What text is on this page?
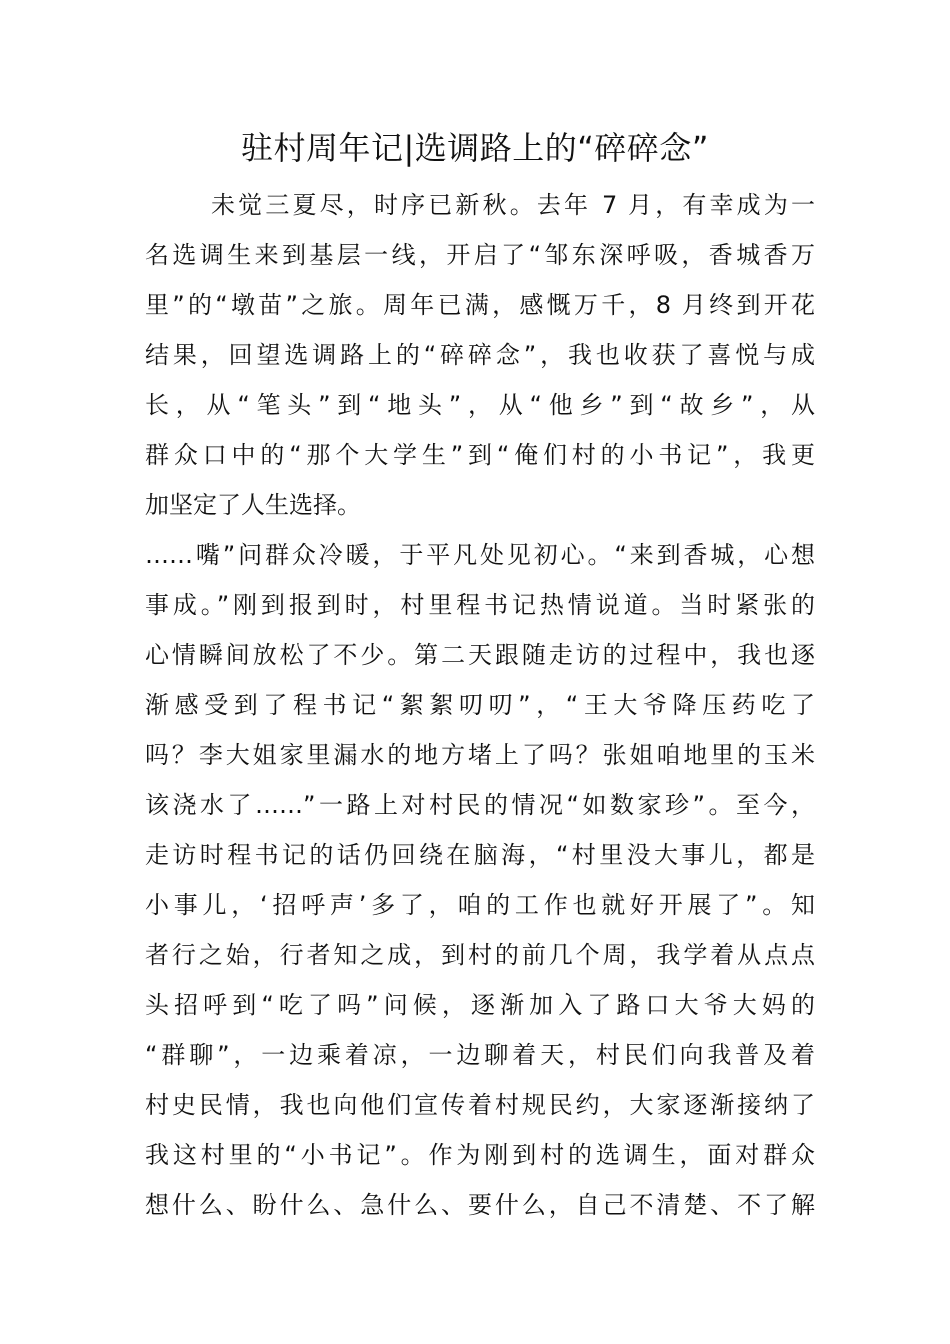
驻村周年记|选调路上的“碎碎念”
未觉三夏尽，时序已新秋。去年 7 月，有幸成为一
名选调生来到基层一线，开启了“邹东深呼吸，香城香万
里”的“墩苗”之旅。周年已满，感慨万千，8 月终到开花
结果，回望选调路上的“碎碎念”，我也收获了喜悦与成
长，从“笔头”到“地头”，从“他乡”到“故乡”，从
群众口中的“那个大学生”到“俺们村的小书记”，我更
加坚定了人生选择。
……嘴”问群众冷暖，于平凡处见初心。“来到香城，心想
事成。”刚到报到时，村里程书记热情说道。当时紧张的
心情瞬间放松了不少。第二天跟随走访的过程中，我也逐
渐感受到了程书记“絮絮叨叨”，“王大爷降压药吃了
吗？李大姐家里漏水的地方堵上了吗？张姐咱地里的玉米
该浇水了……”一路上对村民的情况“如数家珍”。至今，
走访时程书记的话仍回绕在脑海，“村里没大事儿，都是
小事儿，‘招呼声’多了，咱的工作也就好开展了”。知
者行之始，行者知之成，到村的前几个周，我学着从点点
头招呼到“吃了吗”问候，逐渐加入了路口大爷大妈的
“群聊”，一边乘着凉，一边聊着天，村民们向我普及着
村史民情，我也向他们宣传着村规民约，大家逐渐接纳了
我这村里的“小书记”。作为刚到村的选调生，面对群众
想什么、盼什么、急什么、要什么，自己不清楚、不了解
